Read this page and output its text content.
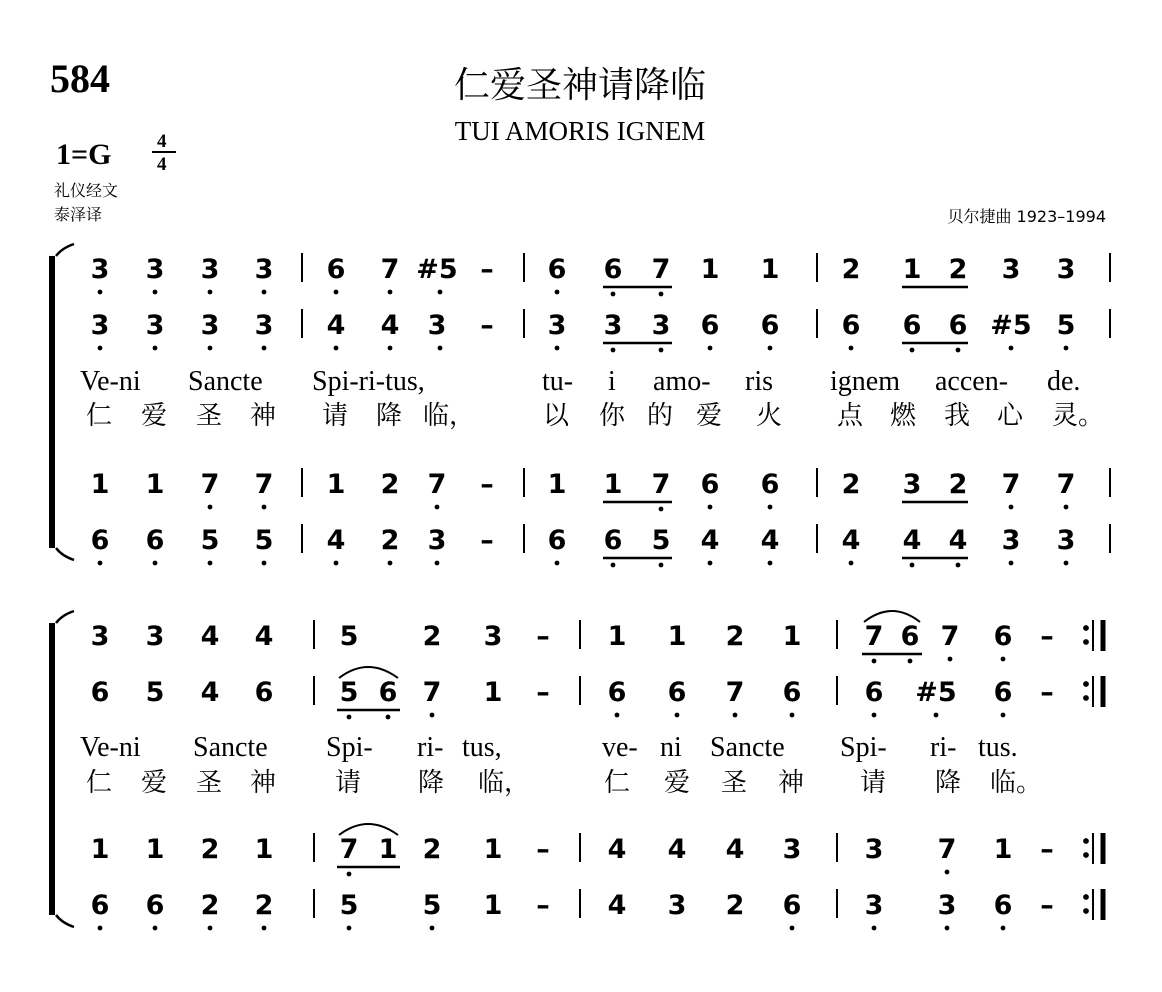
584	仁爱圣神请降临
TUI AMORIS IGNEM
1=G 4
4
礼仪经文
泰泽译	贝尔捷曲 1923–1994
3 3 3 3 6 7 #5 – 6 6 7 1 1 2 1 2 3 3
3 3 3 3 4 4 3 – 3 3 3 6 6 6 6 6 #5 5
Ve-ni Sancte Spi-ri-tus,	tu- i amo- ris ignem accen- de.
仁 爱 圣 神 请 降 临，	以 你 的 爱 火 点 燃 我 心 灵。
1 1 7 7 1 2 7 – 1 1 7 6 6 2 3 2 7 7
6 6 5 5 4 2 3 – 6 6 5 4 4 4 4 4 3 3
3 3 4 4 5 2 3 – 1 1 2 1 7 6 7 6 –
6 5 4 6 5 6 7 1 – 6 6 7 6 6 #5 6 –
Ve-ni Sancte Spi- ri- tus,	ve- ni Sancte Spi- ri- tus.
仁 爱 圣 神 请 降 临，	仁 爱 圣 神 请 降 临。
1 1 2 1 7 1 2 1 – 4 4 4 3 3 7 1 –
6 6 2 2 5 5 1 – 4 3 2 6 3 3 6 –
